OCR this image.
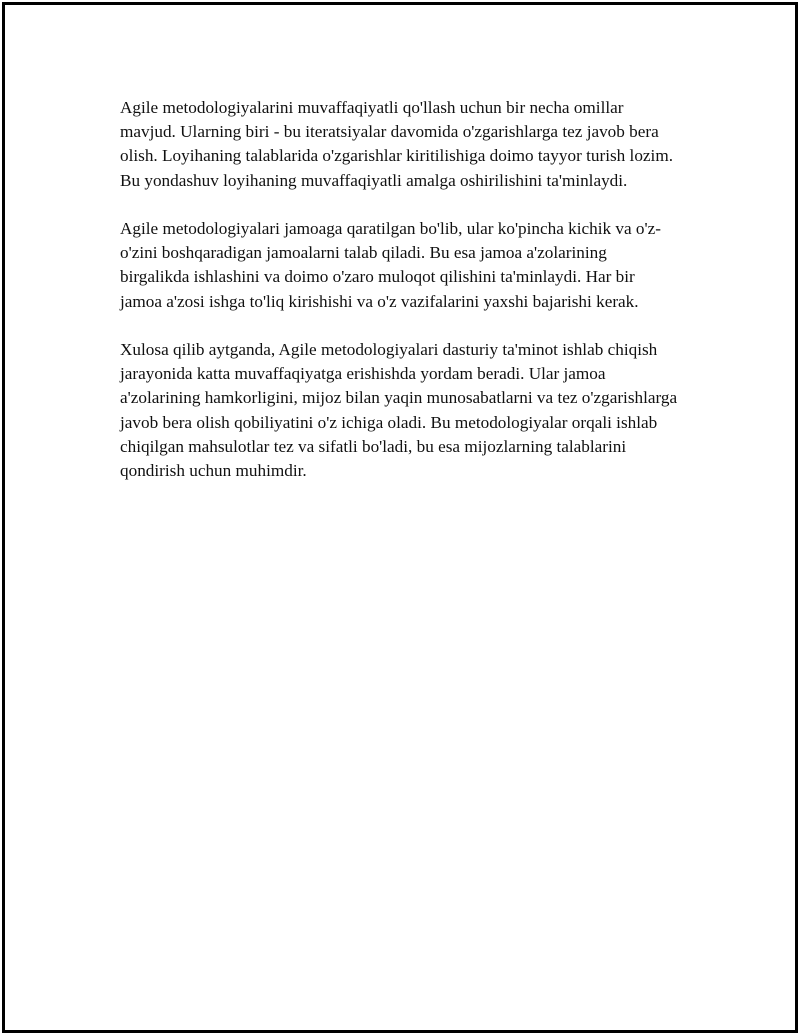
Agile metodologiyalarini muvaffaqiyatli qo'llash uchun bir necha omillar mavjud. Ularning biri - bu iteratsiyalar davomida o'zgarishlarga tez javob bera olish. Loyihaning talablarida o'zgarishlar kiritilishiga doimo tayyor turish lozim. Bu yondashuv loyihaning muvaffaqiyatli amalga oshirilishini ta'minlaydi.

Agile metodologiyalari jamoaga qaratilgan bo'lib, ular ko'pincha kichik va o'z-o'zini boshqaradigan jamoalarni talab qiladi. Bu esa jamoa a'zolarining birgalikda ishlashini va doimo o'zaro muloqot qilishini ta'minlaydi. Har bir jamoa a'zosi ishga to'liq kirishishi va o'z vazifalarini yaxshi bajarishi kerak.

Xulosa qilib aytganda, Agile metodologiyalari dasturiy ta'minot ishlab chiqish jarayonida katta muvaffaqiyatga erishishda yordam beradi. Ular jamoa a'zolarining hamkorligini, mijoz bilan yaqin munosabatlarni va tez o'zgarishlarga javob bera olish qobiliyatini o'z ichiga oladi. Bu metodologiyalar orqali ishlab chiqilgan mahsulotlar tez va sifatli bo'ladi, bu esa mijozlarning talablarini qondirish uchun muhimdir.
